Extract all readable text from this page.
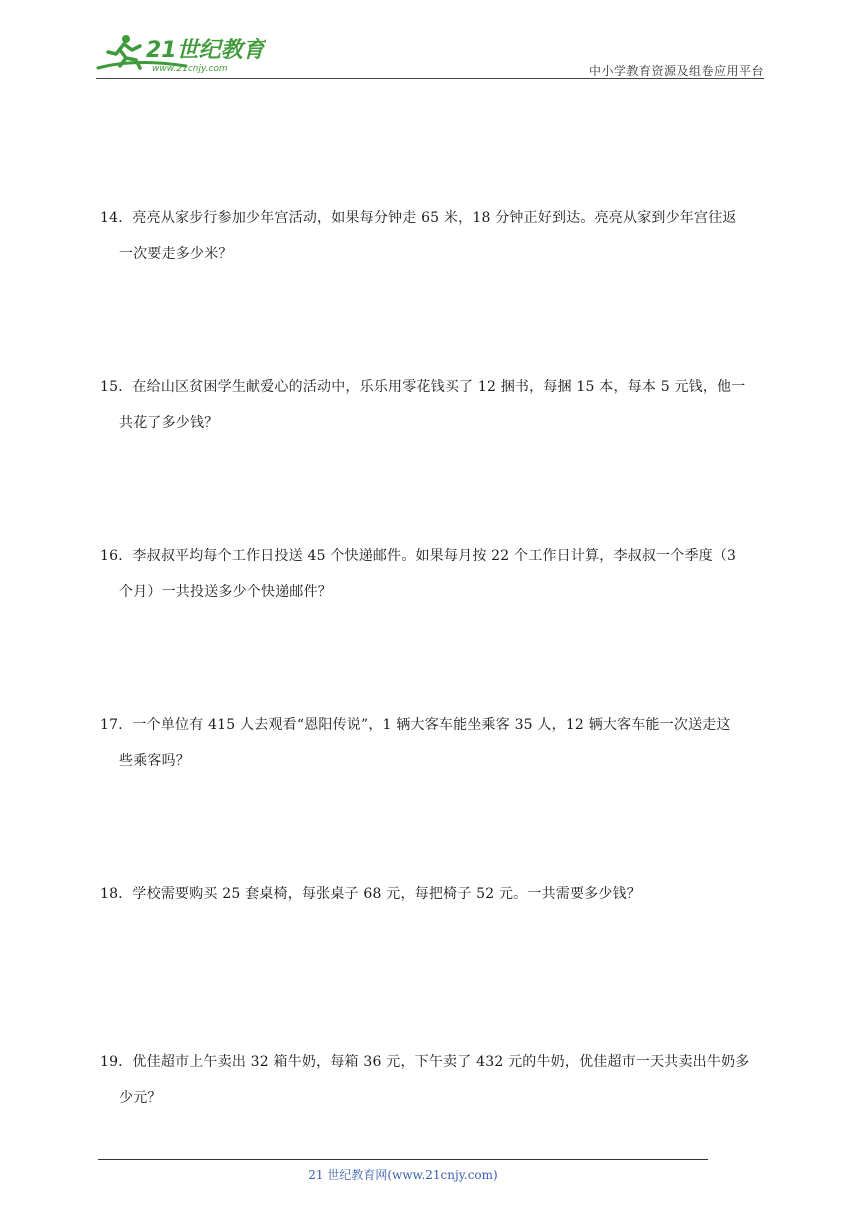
21世纪教育
www.21cnjy.com	中小学教育资源及组卷应用平台
14．亮亮从家步行参加少年宫活动，如果每分钟走 65 米，18 分钟正好到达。亮亮从家到少年宫往返
一次要走多少米？
15．在给山区贫困学生献爱心的活动中，乐乐用零花钱买了 12 捆书，每捆 15 本，每本 5 元钱，他一
共花了多少钱？
16．李叔叔平均每个工作日投送 45 个快递邮件。如果每月按 22 个工作日计算，李叔叔一个季度（3
个月）一共投送多少个快递邮件？
17．一个单位有 415 人去观看“恩阳传说”，1 辆大客车能坐乘客 35 人，12 辆大客车能一次送走这
些乘客吗？
18．学校需要购买 25 套桌椅，每张桌子 68 元，每把椅子 52 元。一共需要多少钱？
19．优佳超市上午卖出 32 箱牛奶，每箱 36 元，下午卖了 432 元的牛奶，优佳超市一天共卖出牛奶多
少元？
21 世纪教育网(www.21cnjy.com)
